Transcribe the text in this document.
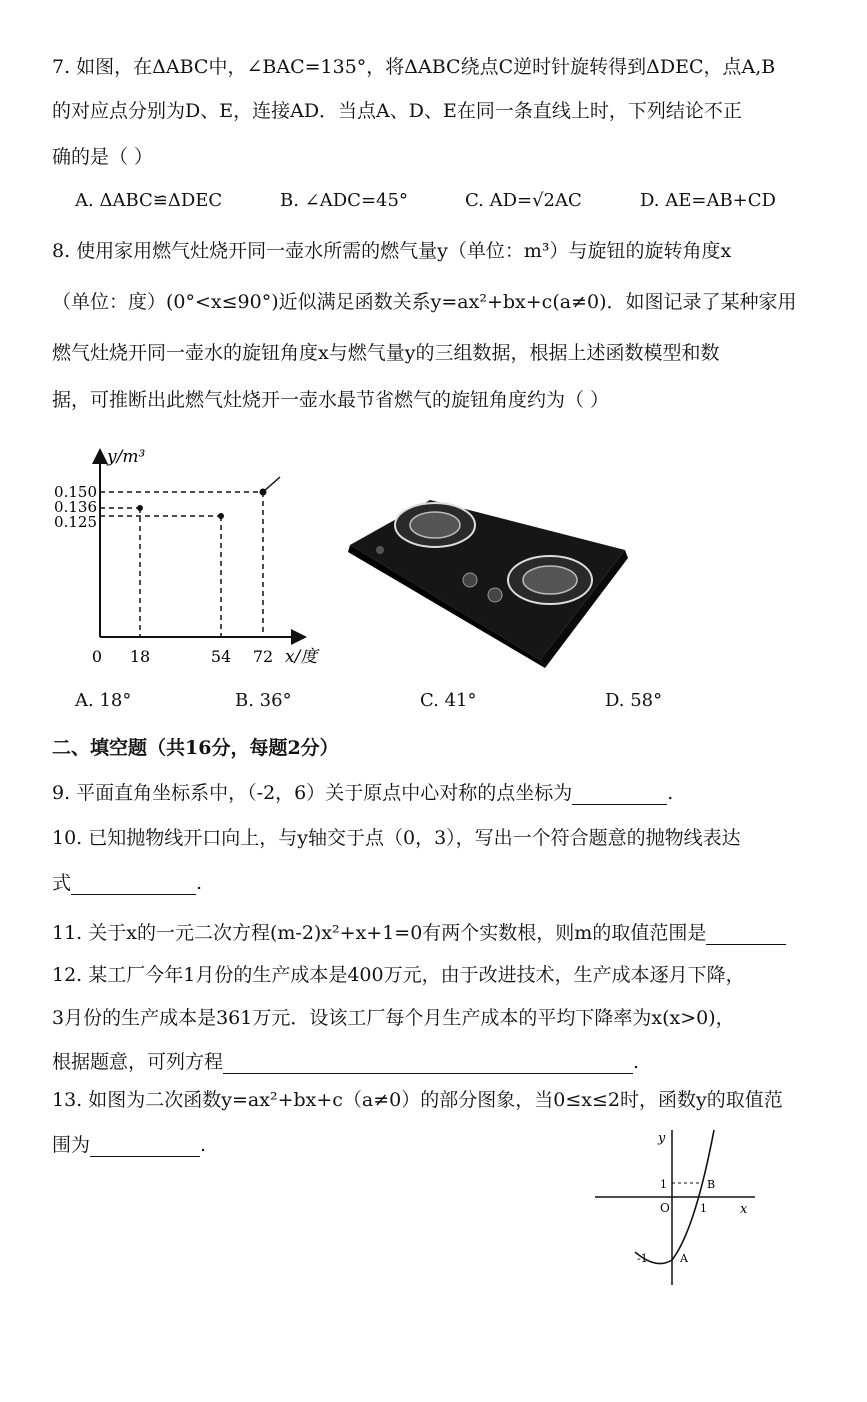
7. 如图，在ΔABC中，∠BAC=135°，将ΔABC绕点C逆时针旋转得到ΔDEC，点A,B
的对应点分别为D、E，连接AD．当点A、D、E在同一条直线上时，下列结论不正
确的是（ ）
A. ΔABC≌ΔDEC	B. ∠ADC=45°	C. AD=√2AC	D. AE=AB+CD
8. 使用家用燃气灶烧开同一壶水所需的燃气量y（单位：m³）与旋钮的旋转角度x
（单位：度）(0°<x≤90°)近似满足函数关系y=ax²+bx+c(a≠0)．如图记录了某种家用
燃气灶烧开同一壶水的旋钮角度x与燃气量y的三组数据，根据上述函数模型和数
据，可推断出此燃气灶烧开一壶水最节省燃气的旋钮角度约为（ ）
y/m³
x/度
0.150
0.136
0.125
0 18	54 72
A. 18°	B. 36°	C. 41°	D. 58°
二、填空题（共16分，每题2分）
9. 平面直角坐标系中，（-2，6）关于原点中心对称的点坐标为	.
10. 已知抛物线开口向上，与y轴交于点（0，3），写出一个符合题意的抛物线表达
式	.
11. 关于x的一元二次方程(m-2)x²+x+1=0有两个实数根，则m的取值范围是
12. 某工厂今年1月份的生产成本是400万元，由于改进技术，生产成本逐月下降，
3月份的生产成本是361万元．设该工厂每个月生产成本的平均下降率为x(x>0)，
根据题意，可列方程	.
13. 如图为二次函数y=ax²+bx+c（a≠0）的部分图象，当0≤x≤2时，函数y的取值范
围为	.	y
x
O
1
1
B
A
-1
